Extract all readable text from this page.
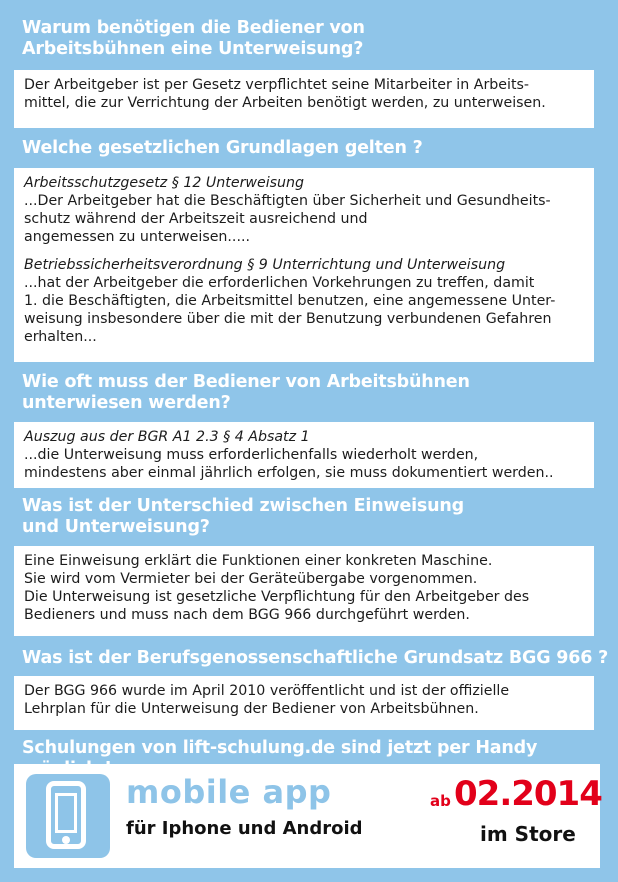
Warum benötigen die Bediener von
Arbeitsbühnen eine Unterweisung?

Der Arbeitgeber ist per Gesetz verpflichtet seine Mitarbeiter in Arbeits-

mittel, die zur Verrichtung der Arbeiten benötigt werden, zu unterweisen.

Welche gesetzlichen Grundlagen gelten ?

Arbeitsschutzgesetz § 12 Unterweisung

...Der Arbeitgeber hat die Beschäftigten über Sicherheit und Gesundheits-

schutz während der Arbeitszeit ausreichend und

angemessen zu unterweisen.....

Betriebssicherheitsverordnung § 9 Unterrichtung und Unterweisung

...hat der Arbeitgeber die erforderlichen Vorkehrungen zu treffen, damit

1. die Beschäftigten, die Arbeitsmittel benutzen, eine angemessene Unter-

weisung insbesondere über die mit der Benutzung verbundenen Gefahren

erhalten...

Wie oft muss der Bediener von Arbeitsbühnen
unterwiesen werden?

Auszug aus der BGR A1 2.3 § 4 Absatz 1

...die Unterweisung muss erforderlichenfalls wiederholt werden,

mindestens aber einmal jährlich erfolgen, sie muss dokumentiert werden..

Was ist der Unterschied zwischen Einweisung
und Unterweisung?

Eine Einweisung erklärt die Funktionen einer konkreten Maschine.

Sie wird vom Vermieter bei der Geräteübergabe vorgenommen.

Die Unterweisung ist gesetzliche Verpflichtung für den Arbeitgeber des

Bedieners und muss nach dem BGG 966 durchgeführt werden.

Was ist der Berufsgenossenschaftliche Grundsatz BGG 966 ?

Der BGG 966 wurde im April 2010 veröffentlicht und ist der offizielle

Lehrplan für die Unterweisung der Bediener von Arbeitsbühnen.

Schulungen von lift-schulung.de sind jetzt per Handy
mobile app
für Iphone und Android
ab 02.2014
im Store
